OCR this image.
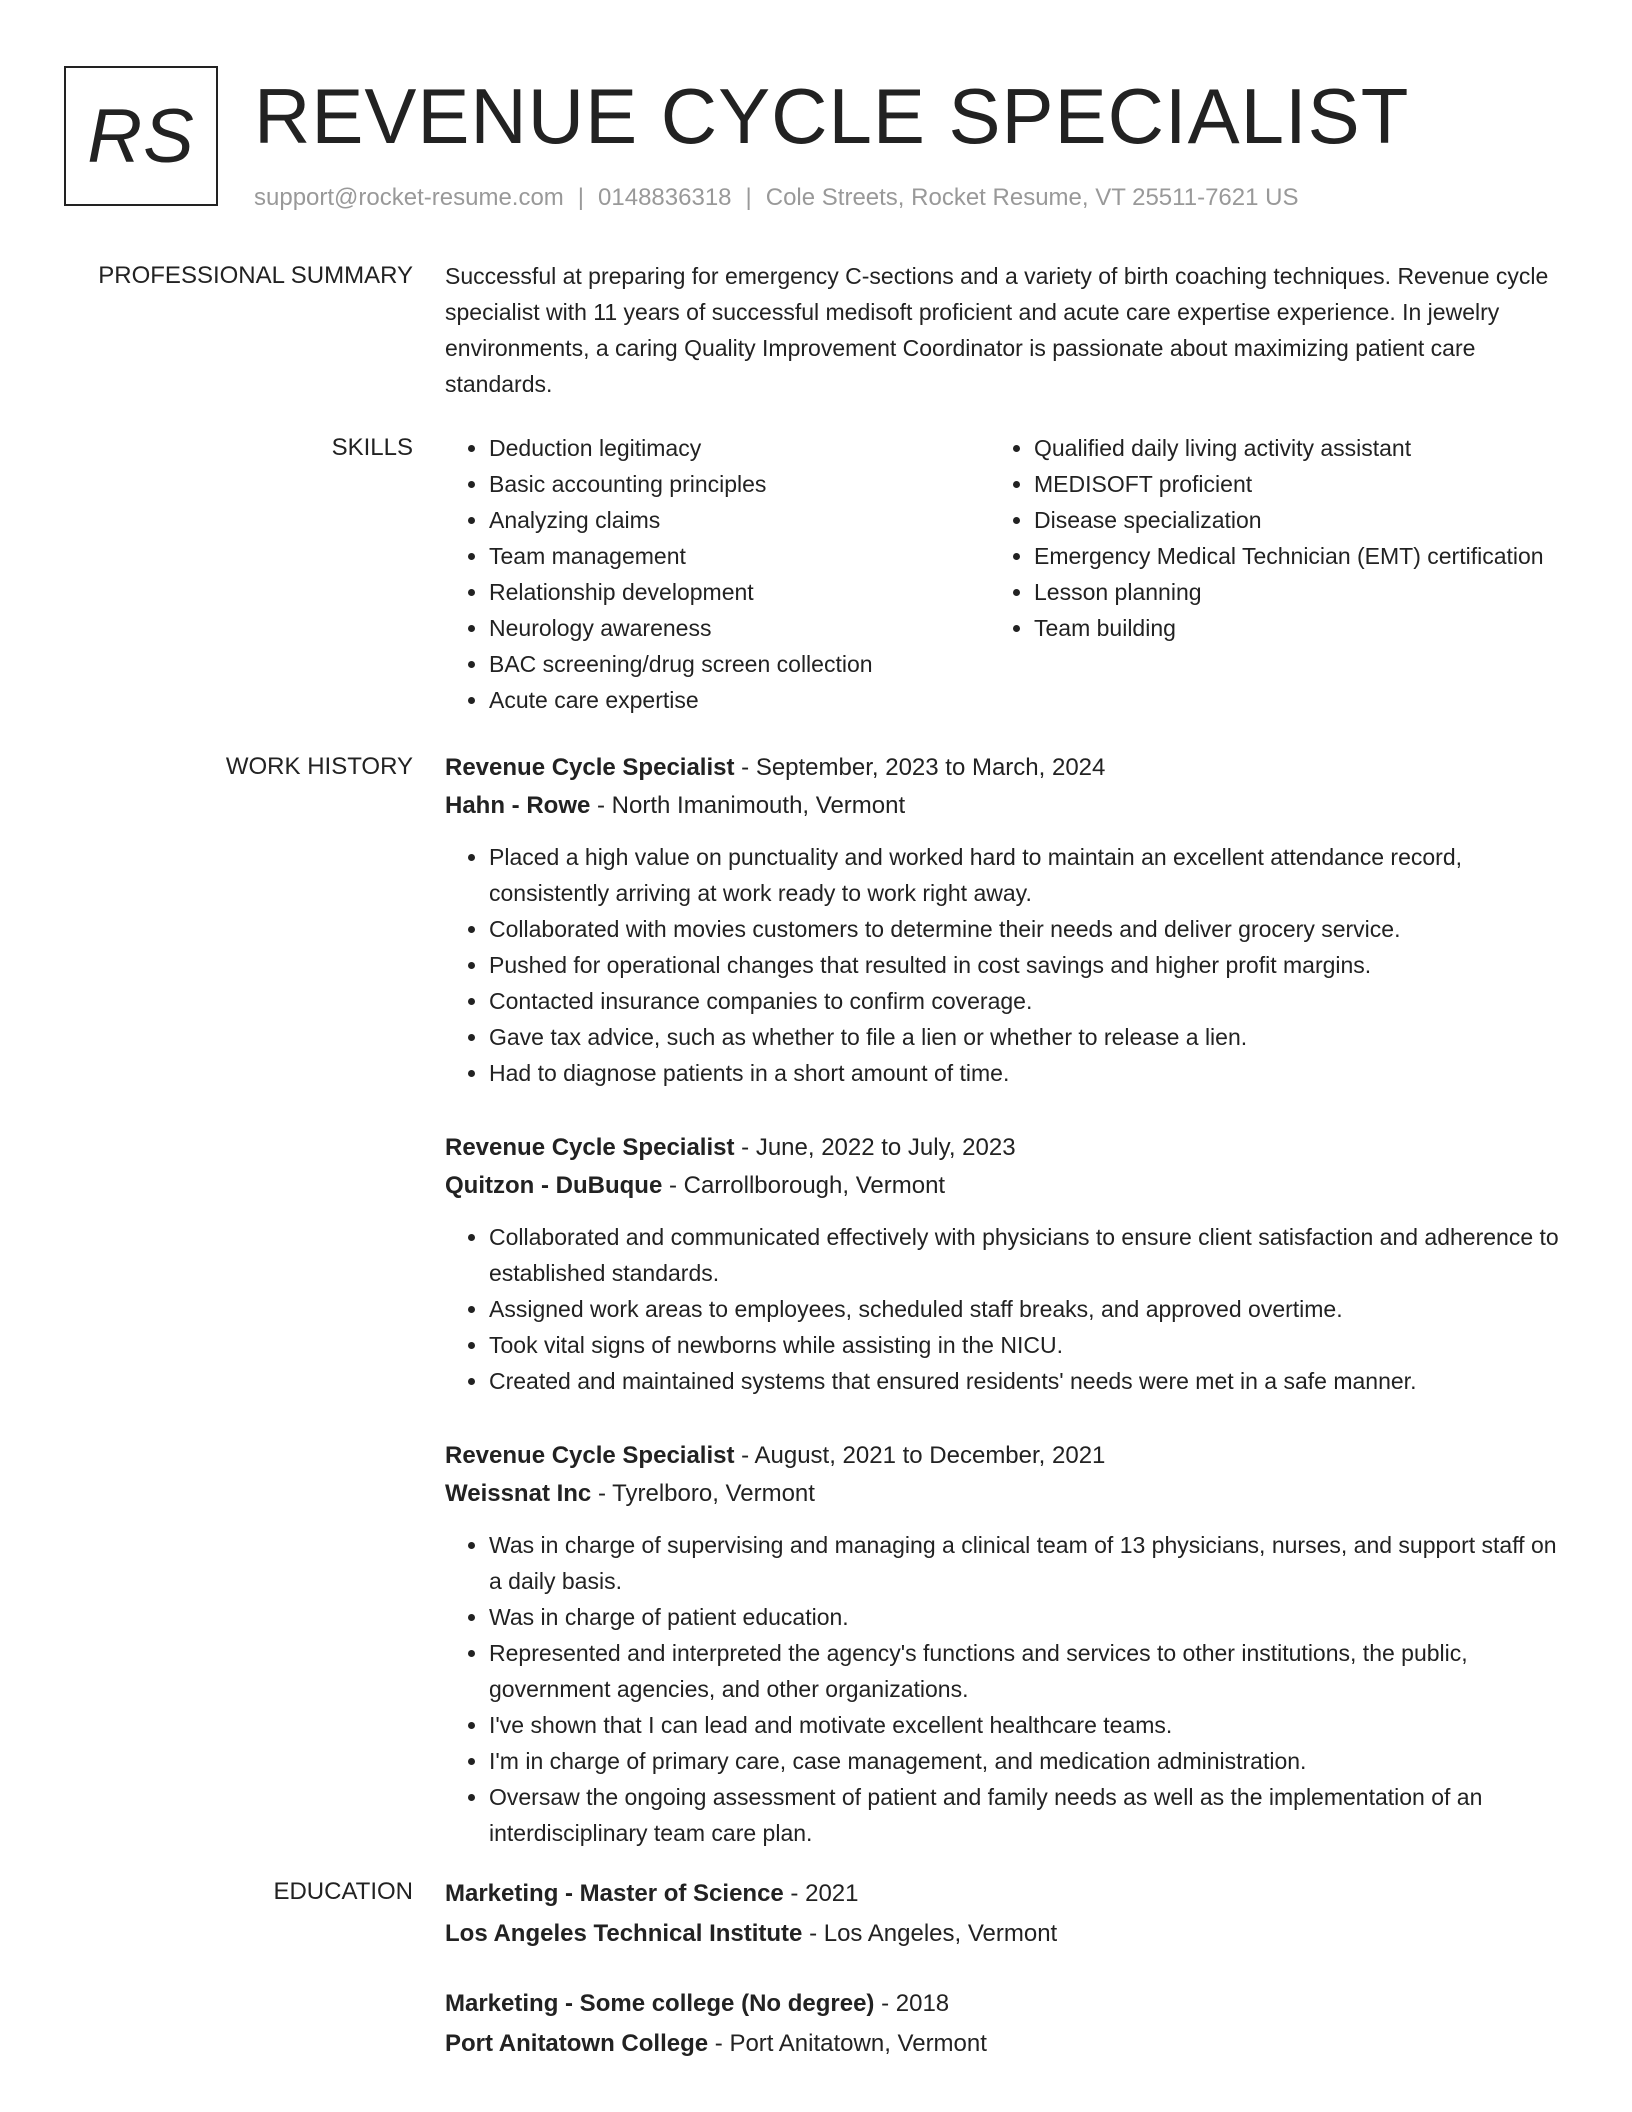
RS REVENUE CYCLE SPECIALIST
support@rocket-resume.com | 0148836318 | Cole Streets, Rocket Resume, VT 25511-7621 US
PROFESSIONAL SUMMARY Successful at preparing for emergency C-sections and a variety of birth coaching techniques. Revenue cycle specialist with 11 years of successful medisoft proficient and acute care expertise experience. In jewelry environments, a caring Quality Improvement Coordinator is passionate about maximizing patient care standards.

SKILLS
•	Deduction legitimacy
• Basic accounting principles
• Analyzing claims
• Team management
• Relationship development
• Neurology awareness
• BAC screening/drug screen collection
• Acute care expertise
• Qualified daily living activity assistant
• MEDISOFT proficient
• Disease specialization
• Emergency Medical Technician (EMT) certification
• Lesson planning
• Team building
WORK HISTORY Revenue Cycle Specialist - September, 2023 to March, 2024
Hahn - Rowe - North Imanimouth, Vermont
• Placed a high value on punctuality and worked hard to maintain an excellent attendance record, consistently arriving at work ready to work right away.
• Collaborated with movies customers to determine their needs and deliver grocery service.
• Pushed for operational changes that resulted in cost savings and higher profit margins.
• Contacted insurance companies to confirm coverage.
• Gave tax advice, such as whether to file a lien or whether to release a lien.
• Had to diagnose patients in a short amount of time.
Revenue Cycle Specialist - June, 2022 to July, 2023
Quitzon - DuBuque - Carrollborough, Vermont
• Collaborated and communicated effectively with physicians to ensure client satisfaction and adherence to established standards.
• Assigned work areas to employees, scheduled staff breaks, and approved overtime.
• Took vital signs of newborns while assisting in the NICU.
• Created and maintained systems that ensured residents' needs were met in a safe manner.
Revenue Cycle Specialist - August, 2021 to December, 2021
Weissnat Inc - Tyrelboro, Vermont
• Was in charge of supervising and managing a clinical team of 13 physicians, nurses, and support staff on a daily basis.
• Was in charge of patient education.
• Represented and interpreted the agency's functions and services to other institutions, the public, government agencies, and other organizations.
• I've shown that I can lead and motivate excellent healthcare teams.
• I'm in charge of primary care, case management, and medication administration.
• Oversaw the ongoing assessment of patient and family needs as well as the implementation of an interdisciplinary team care plan.
EDUCATION Marketing - Master of Science - 2021
Los Angeles Technical Institute - Los Angeles, Vermont
Marketing - Some college (No degree) - 2018
Port Anitatown College - Port Anitatown, Vermont
